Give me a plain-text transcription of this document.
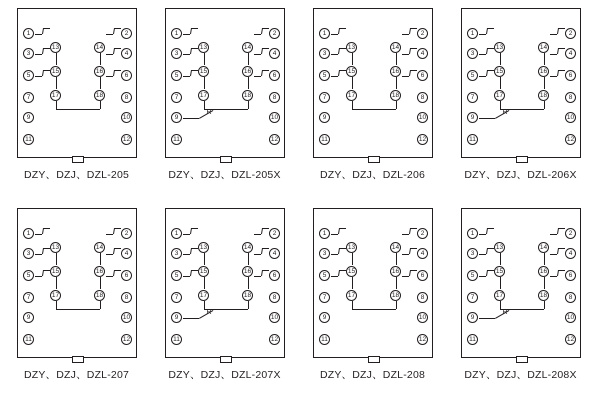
1
3
5
7
9
11
2
4
6
8
10
12
13
15
17
14
16
18
DZY、DZJ、DZL-205
1
3
5
7
9
11
2
4
6
8
10
12
13
15
17
14
16
18
R
DZY、DZJ、DZL-205X
1
3
5
7
9
11
2
4
6
8
10
12
13
15
17
14
16
18
DZY、DZJ、DZL-206
1
3
5
7
9
11
2
4
6
8
10
12
13
15
17
14
16
18
R
DZY、DZJ、DZL-206X
1
3
5
7
9
11
2
4
6
8
10
12
13
15
17
14
16
18
DZY、DZJ、DZL-207
1
3
5
7
9
11
2
4
6
8
10
12
13
15
17
14
16
18
R
DZY、DZJ、DZL-207X
1
3
5
7
9
11
2
4
6
8
10
12
13
15
17
14
16
18
DZY、DZJ、DZL-208
1
3
5
7
9
11
2
4
6
8
10
12
13
15
17
14
16
18
R
DZY、DZJ、DZL-208X
